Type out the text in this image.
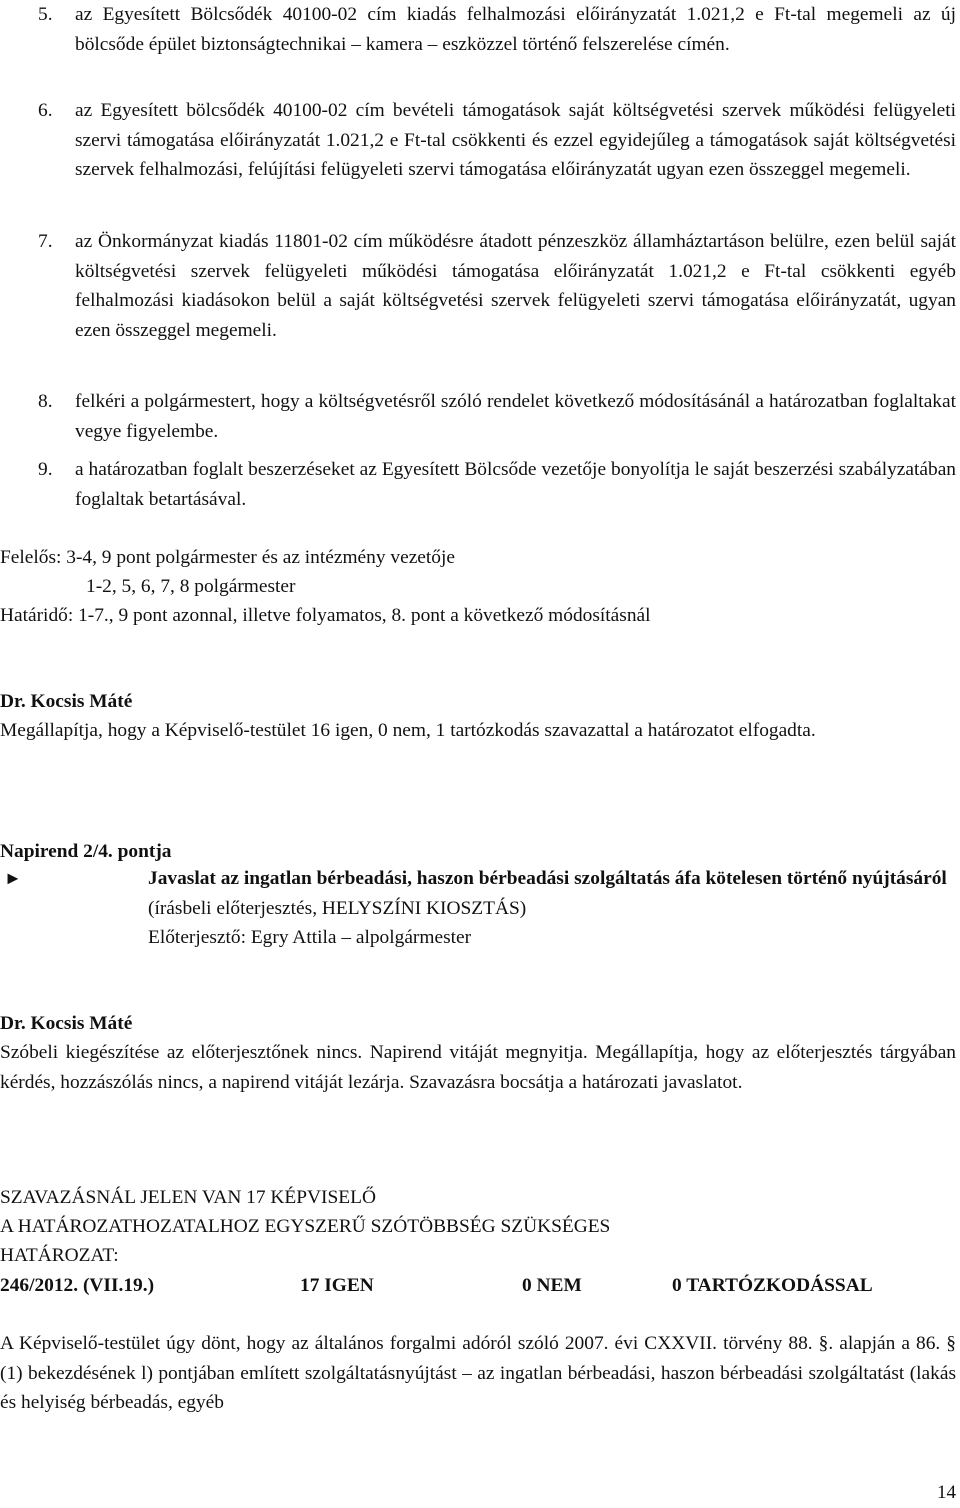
5.	az Egyesített Bölcsődék 40100-02 cím kiadás felhalmozási előirányzatát 1.021,2 e Ft-tal megemeli az új bölcsőde épület biztonságtechnikai – kamera – eszközzel történő felszerelése címén.
6.	az Egyesített bölcsődék 40100-02 cím bevételi támogatások saját költségvetési szervek működési felügyeleti szervi támogatása előirányzatát 1.021,2 e Ft-tal csökkenti és ezzel egyidejűleg a támogatások saját költségvetési szervek felhalmozási, felújítási felügyeleti szervi támogatása előirányzatát ugyan ezen összeggel megemeli.
7.	az Önkormányzat kiadás 11801-02 cím működésre átadott pénzeszköz államháztartáson belülre, ezen belül saját költségvetési szervek felügyeleti működési támogatása előirányzatát 1.021,2 e Ft-tal csökkenti egyéb felhalmozási kiadásokon belül a saját költségvetési szervek felügyeleti szervi támogatása előirányzatát, ugyan ezen összeggel megemeli.
8.	felkéri a polgármestert, hogy a költségvetésről szóló rendelet következő módosításánál a határozatban foglaltakat vegye figyelembe.
9.	a határozatban foglalt beszerzéseket az Egyesített Bölcsőde vezetője bonyolítja le saját beszerzési szabályzatában foglaltak betartásával.
Felelős: 3-4, 9 pont polgármester és az intézmény vezetője
1-2, 5, 6, 7, 8 polgármester
Határidő: 1-7., 9 pont azonnal, illetve folyamatos, 8. pont a következő módosításnál
Dr. Kocsis Máté
Megállapítja, hogy a Képviselő-testület 16 igen, 0 nem, 1 tartózkodás szavazattal a határozatot elfogadta.
Napirend 2/4. pontja
►	Javaslat az ingatlan bérbeadási, haszon bérbeadási szolgáltatás áfa kötelesen történő nyújtásáról
(írásbeli előterjesztés, HELYSZÍNI KIOSZTÁS)
Előterjesztő: Egry Attila – alpolgármester
Dr. Kocsis Máté
Szóbeli kiegészítése az előterjesztőnek nincs. Napirend vitáját megnyitja. Megállapítja, hogy az előterjesztés tárgyában kérdés, hozzászólás nincs, a napirend vitáját lezárja. Szavazásra bocsátja a határozati javaslatot.
SZAVAZÁSNÁL JELEN VAN 17 KÉPVISELŐ
A HATÁROZATHOZATALHOZ EGYSZERŰ SZÓTÖBBSÉG SZÜKSÉGES
HATÁROZAT:
246/2012. (VII.19.)	17 IGEN	0 NEM	0 TARTÓZKODÁSSAL
A Képviselő-testület úgy dönt, hogy az általános forgalmi adóról szóló 2007. évi CXXVII. törvény 88. §. alapján a 86. § (1) bekezdésének l) pontjában említett szolgáltatásnyújtást – az ingatlan bérbeadási, haszon bérbeadási szolgáltatást (lakás és helyiség bérbeadás, egyéb
14
